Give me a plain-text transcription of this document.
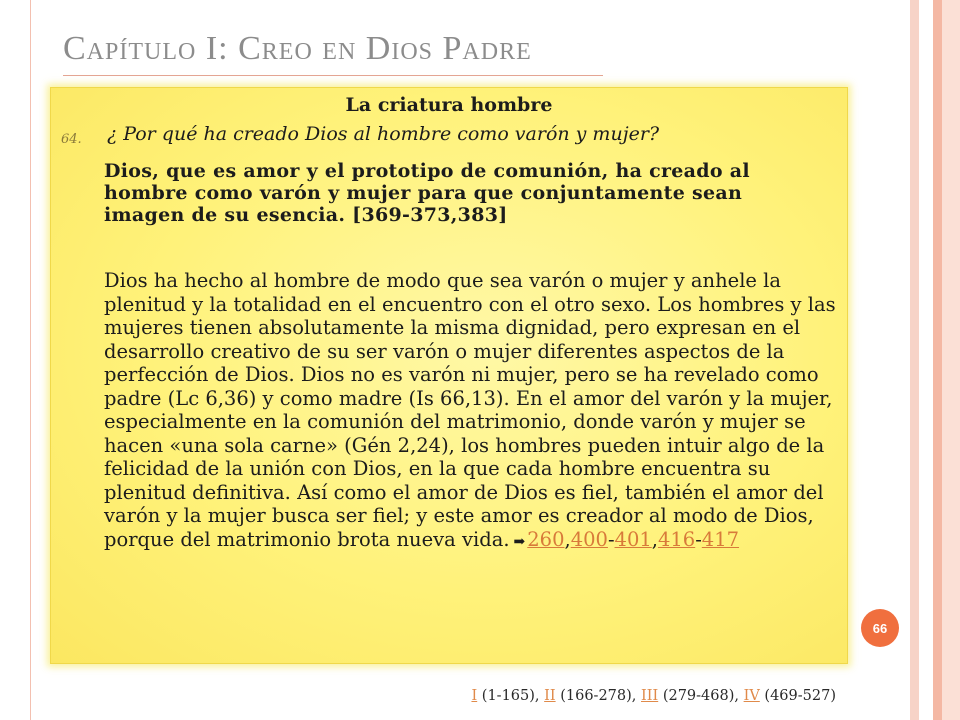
Capítulo I: Creo en Dios Padre
La criatura hombre
64. ¿ Por qué ha creado Dios al hombre como varón y mujer?
Dios, que es amor y el prototipo de comunión, ha creado al hombre como varón y mujer para que conjuntamente sean imagen de su esencia. [369-373,383]
Dios ha hecho al hombre de modo que sea varón o mujer y anhele la plenitud y la totalidad en el encuentro con el otro sexo. Los hombres y las mujeres tienen absolutamente la misma dignidad, pero expresan en el desarrollo creativo de su ser varón o mujer diferentes aspectos de la perfección de Dios. Dios no es varón ni mujer, pero se ha revelado como padre (Lc 6,36) y como madre (Is 66,13). En el amor del varón y la mujer, especialmente en la comunión del matrimonio, donde varón y mujer se hacen «una sola carne» (Gén 2,24), los hombres pueden intuir algo de la felicidad de la unión con Dios, en la que cada hombre encuentra su plenitud definitiva. Así como el amor de Dios es fiel, también el amor del varón y la mujer busca ser fiel; y este amor es creador al modo de Dios, porque del matrimonio brota nueva vida. ➡ 260,400-401,416-417
66
I (1-165), II (166-278), III (279-468), IV (469-527)
